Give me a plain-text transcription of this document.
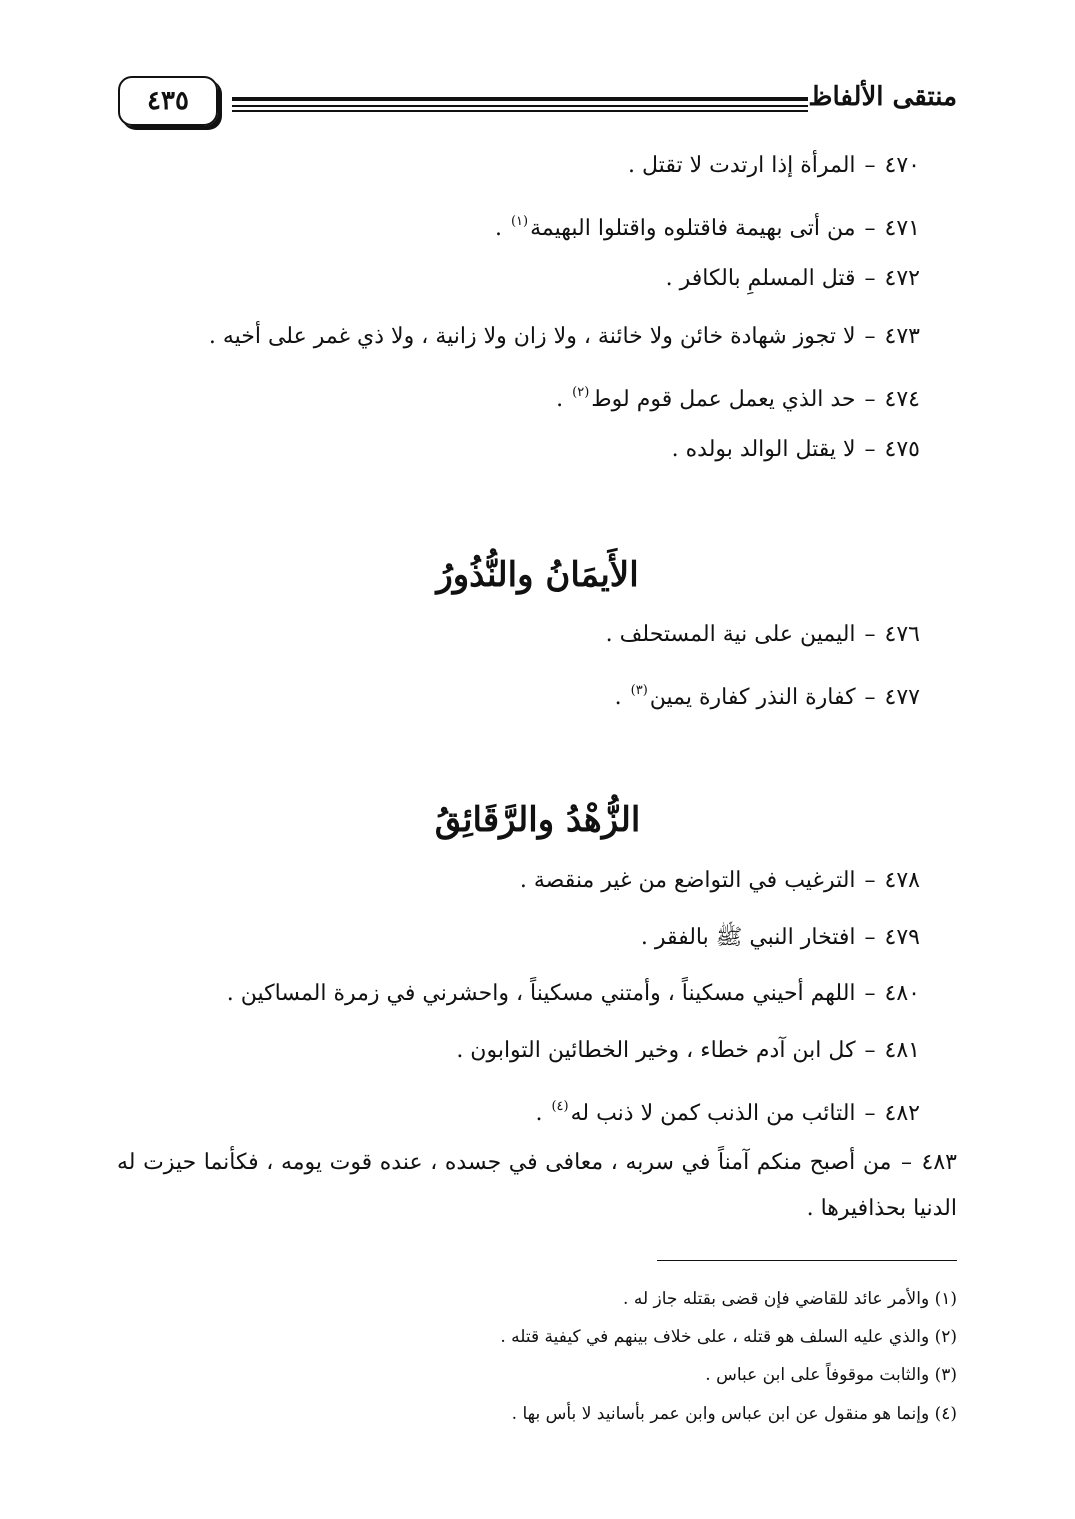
منتقى الألفاظ
٤٣٥
٤٧٠ – المرأة إذا ارتدت لا تقتل .
٤٧١ – من أتى بهيمة فاقتلوه واقتلوا البهيمة$^{(١)}$ .
٤٧٢ – قتل المسلمِ بالكافر .
٤٧٣ – لا تجوز شهادة خائن ولا خائنة ، ولا زان ولا زانية ، ولا ذي غمر على أخيه .
٤٧٤ – حد الذي يعمل عمل قوم لوط$^{(٢)}$ .
٤٧٥ – لا يقتل الوالد بولده .
الأَيمَانُ والنُّذُورُ
٤٧٦ – اليمين على نية المستحلف .
٤٧٧ – كفارة النذر كفارة يمين$^{(٣)}$ .
الزُّهْدُ والرَّقَائِقُ
٤٧٨ – الترغيب في التواضع من غير منقصة .
٤٧٩ – افتخار النبي ﷺ بالفقر .
٤٨٠ – اللهم أحيني مسكيناً ، وأمتني مسكيناً ، واحشرني في زمرة المساكين .
٤٨١ – كل ابن آدم خطاء ، وخير الخطائين التوابون .
٤٨٢ – التائب من الذنب كمن لا ذنب له$^{(٤)}$ .
٤٨٣ – من أصبح منكم آمناً في سربه ، معافى في جسده ، عنده قوت يومه ، فكأنما حيزت له الدنيا بحذافيرها .
(١) والأمر عائد للقاضي فإن قضى بقتله جاز له .
(٢) والذي عليه السلف هو قتله ، على خلاف بينهم في كيفية قتله .
(٣) والثابت موقوفاً على ابن عباس .
(٤) وإنما هو منقول عن ابن عباس وابن عمر بأسانيد لا بأس بها .
